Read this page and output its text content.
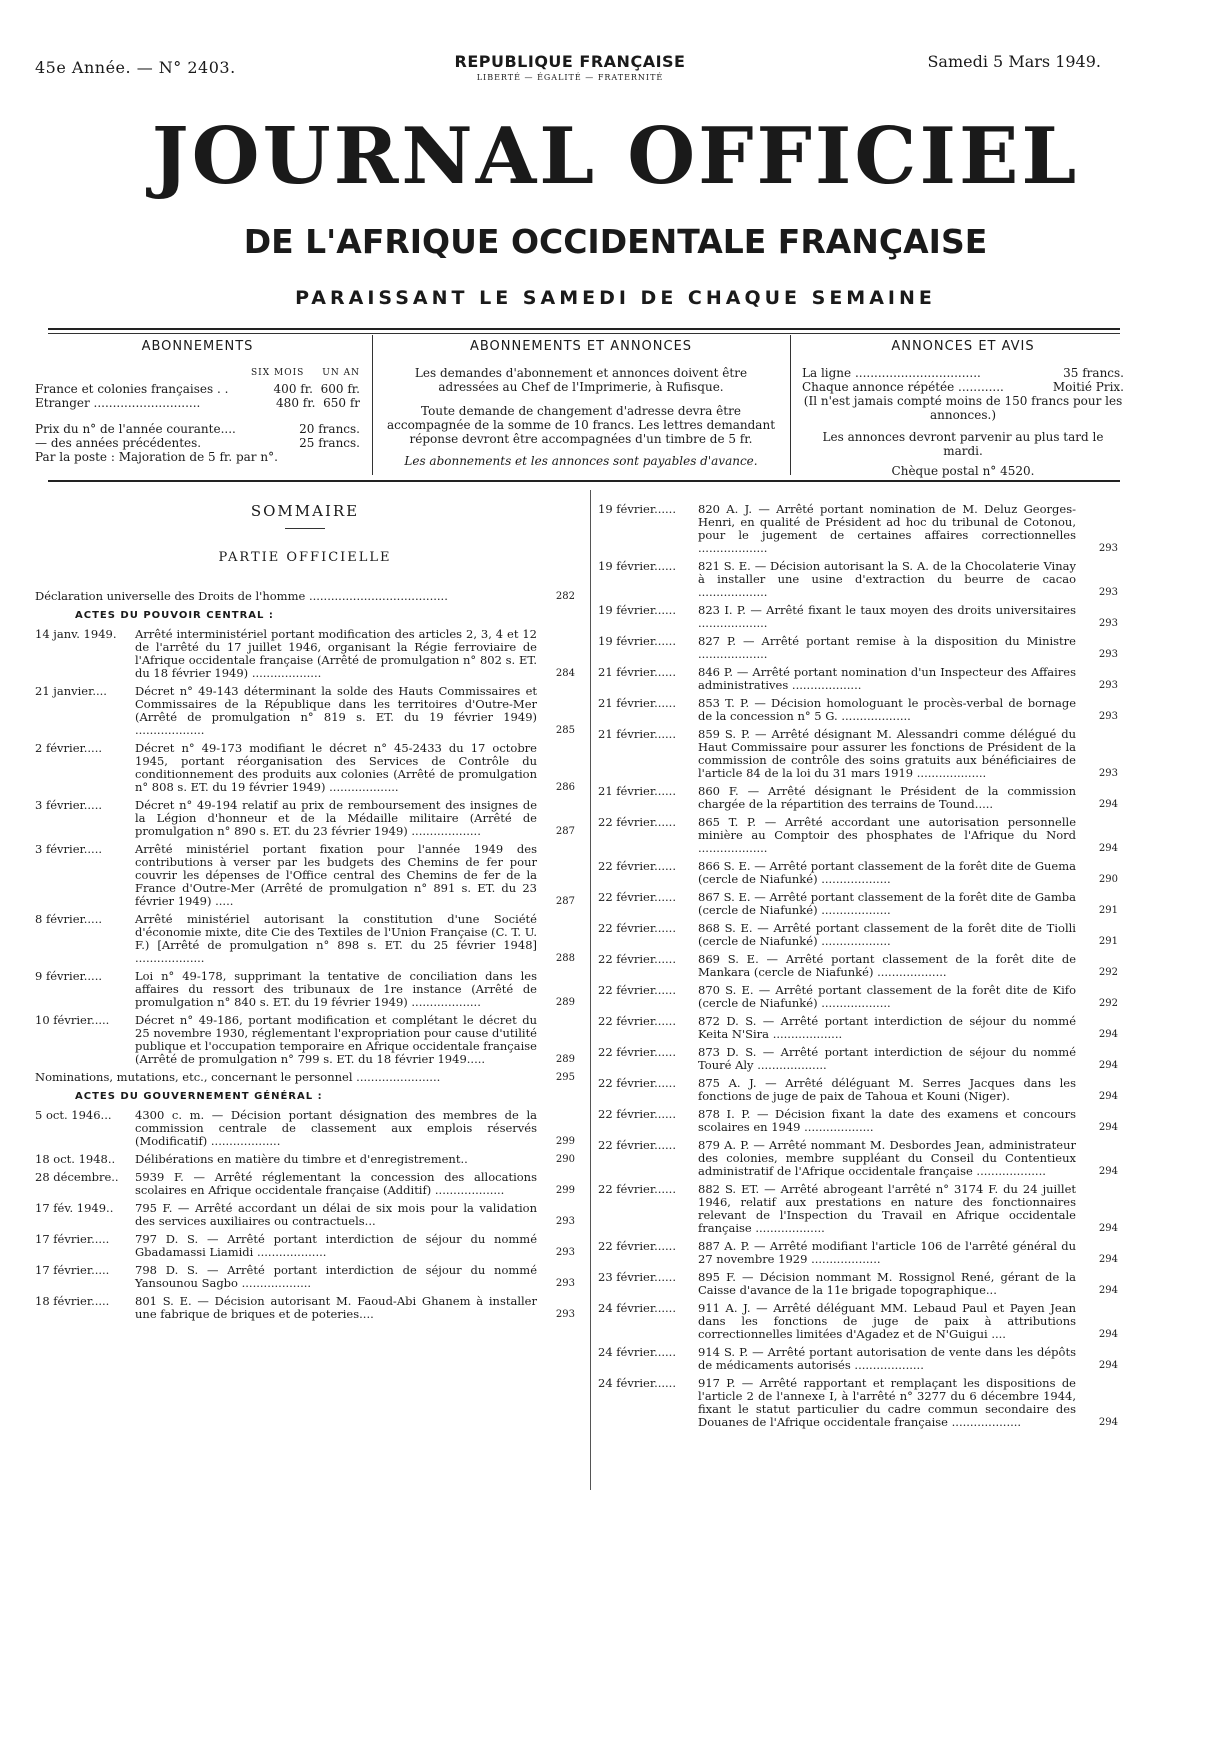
45e Année. — N° 2403.	REPUBLIQUE FRANÇAISE
LIBERTÉ — ÉGALITÉ — FRATERNITÉ
Samedi 5 Mars 1949.
JOURNAL OFFICIEL
DE L'AFRIQUE OCCIDENTALE FRANÇAISE
PARAISSANT LE SAMEDI DE CHAQUE SEMAINE
ABONNEMENTS
SIX MOIS UN AN
France et colonies françaises . .	400 fr. 600 fr.
Etranger ............................	480 fr. 650 fr
Prix du n° de l'année courante....	20 francs.
— des années précédentes.	25 francs.
Par la poste : Majoration de 5 fr. par n°.
ABONNEMENTS ET ANNONCES
Les demandes d'abonnement et annonces doivent être adressées au Chef de l'Imprimerie, à Rufisque.
Toute demande de changement d'adresse devra être accompagnée de la somme de 10 francs. Les lettres demandant réponse devront être accompagnées d'un timbre de 5 fr.
Les abonnements et les annonces sont payables d'avance.
ANNONCES ET AVIS
La ligne .................................	35 francs.
Chaque annonce répétée ............	Moitié Prix.
(Il n'est jamais compté moins de 150 francs pour les annonces.)
Les annonces devront parvenir au plus tard le mardi.
Chèque postal n° 4520.
SOMMAIRE
PARTIE OFFICIELLE
Déclaration universelle des Droits de l'homme ......................................	282
ACTES DU POUVOIR CENTRAL :
14 janv. 1949.	Arrêté interministériel portant modification des articles 2, 3, 4 et 12 de l'arrêté du 17 juillet 1946, organisant la Régie ferroviaire de l'Afrique occidentale française (Arrêté de promulgation n° 802 s. ET. du 18 février 1949) ...................	284
21 janvier....	Décret n° 49-143 déterminant la solde des Hauts Commissaires et Commissaires de la République dans les territoires d'Outre-Mer (Arrêté de promulgation n° 819 s. ET. du 19 février 1949) ...................	285
2 février.....	Décret n° 49-173 modifiant le décret n° 45-2433 du 17 octobre 1945, portant réorganisation des Services de Contrôle du conditionnement des produits aux colonies (Arrêté de promulgation n° 808 s. ET. du 19 février 1949) ...................	286
3 février.....	Décret n° 49-194 relatif au prix de remboursement des insignes de la Légion d'honneur et de la Médaille militaire (Arrêté de promulgation n° 890 s. ET. du 23 février 1949) ...................	287
3 février.....	Arrêté ministériel portant fixation pour l'année 1949 des contributions à verser par les budgets des Chemins de fer pour couvrir les dépenses de l'Office central des Chemins de fer de la France d'Outre-Mer (Arrêté de promulgation n° 891 s. ET. du 23 février 1949) .....	287
8 février.....	Arrêté ministériel autorisant la constitution d'une Société d'économie mixte, dite Cie des Textiles de l'Union Française (C. T. U. F.) [Arrêté de promulgation n° 898 s. ET. du 25 février 1948] ...................	288
9 février.....	Loi n° 49-178, supprimant la tentative de conciliation dans les affaires du ressort des tribunaux de 1re instance (Arrêté de promulgation n° 840 s. ET. du 19 février 1949) ...................	289
10 février.....	Décret n° 49-186, portant modification et complétant le décret du 25 novembre 1930, réglementant l'expropriation pour cause d'utilité publique et l'occupation temporaire en Afrique occidentale française (Arrêté de promulgation n° 799 s. ET. du 18 février 1949.....	289
Nominations, mutations, etc., concernant le personnel .......................	295
ACTES DU GOUVERNEMENT GÉNÉRAL :
5 oct. 1946...	4300 c. m. — Décision portant désignation des membres de la commission centrale de classement aux emplois réservés (Modificatif) ...................	299
18 oct. 1948..	Délibérations en matière du timbre et d'enregistrement..	290
28 décembre..	5939 F. — Arrêté réglementant la concession des allocations scolaires en Afrique occidentale française (Additif) ...................	299
17 fév. 1949..	795 F. — Arrêté accordant un délai de six mois pour la validation des services auxiliaires ou contractuels...	293
17 février.....	797 D. S. — Arrêté portant interdiction de séjour du nommé Gbadamassi Liamidi ...................	293
17 février.....	798 D. S. — Arrêté portant interdiction de séjour du nommé Yansounou Sagbo ...................	293
18 février.....	801 S. E. — Décision autorisant M. Faoud-Abi Ghanem à installer une fabrique de briques et de poteries....	293
19 février......	820 A. J. — Arrêté portant nomination de M. Deluz Georges-Henri, en qualité de Président ad hoc du tribunal de Cotonou, pour le jugement de certaines affaires correctionnelles ...................	293
19 février......	821 S. E. — Décision autorisant la S. A. de la Chocolaterie Vinay à installer une usine d'extraction du beurre de cacao ...................	293
19 février......	823 I. P. — Arrêté fixant le taux moyen des droits universitaires ...................	293
19 février......	827 P. — Arrêté portant remise à la disposition du Ministre ...................	293
21 février......	846 P. — Arrêté portant nomination d'un Inspecteur des Affaires administratives ...................	293
21 février......	853 T. P. — Décision homologuant le procès-verbal de bornage de la concession n° 5 G. ...................	293
21 février......	859 S. P. — Arrêté désignant M. Alessandri comme délégué du Haut Commissaire pour assurer les fonctions de Président de la commission de contrôle des soins gratuits aux bénéficiaires de l'article 84 de la loi du 31 mars 1919 ...................	293
21 février......	860 F. — Arrêté désignant le Président de la commission chargée de la répartition des terrains de Tound.....	294
22 février......	865 T. P. — Arrêté accordant une autorisation personnelle minière au Comptoir des phosphates de l'Afrique du Nord ...................	294
22 février......	866 S. E. — Arrêté portant classement de la forêt dite de Guema (cercle de Niafunké) ...................	290
22 février......	867 S. E. — Arrêté portant classement de la forêt dite de Gamba (cercle de Niafunké) ...................	291
22 février......	868 S. E. — Arrêté portant classement de la forêt dite de Tiolli (cercle de Niafunké) ...................	291
22 février......	869 S. E. — Arrêté portant classement de la forêt dite de Mankara (cercle de Niafunké) ...................	292
22 février......	870 S. E. — Arrêté portant classement de la forêt dite de Kifo (cercle de Niafunké) ...................	292
22 février......	872 D. S. — Arrêté portant interdiction de séjour du nommé Keita N'Sira ...................	294
22 février......	873 D. S. — Arrêté portant interdiction de séjour du nommé Touré Aly ...................	294
22 février......	875 A. J. — Arrêté déléguant M. Serres Jacques dans les fonctions de juge de paix de Tahoua et Kouni (Niger).	294
22 février......	878 I. P. — Décision fixant la date des examens et concours scolaires en 1949 ...................	294
22 février......	879 A. P. — Arrêté nommant M. Desbordes Jean, administrateur des colonies, membre suppléant du Conseil du Contentieux administratif de l'Afrique occidentale française ...................	294
22 février......	882 S. ET. — Arrêté abrogeant l'arrêté n° 3174 F. du 24 juillet 1946, relatif aux prestations en nature des fonctionnaires relevant de l'Inspection du Travail en Afrique occidentale française ...................	294
22 février......	887 A. P. — Arrêté modifiant l'article 106 de l'arrêté général du 27 novembre 1929 ...................	294
23 février......	895 F. — Décision nommant M. Rossignol René, gérant de la Caisse d'avance de la 11e brigade topographique...	294
24 février......	911 A. J. — Arrêté déléguant MM. Lebaud Paul et Payen Jean dans les fonctions de juge de paix à attributions correctionnelles limitées d'Agadez et de N'Guigui ....	294
24 février......	914 S. P. — Arrêté portant autorisation de vente dans les dépôts de médicaments autorisés ...................	294
24 février......	917 P. — Arrêté rapportant et remplaçant les dispositions de l'article 2 de l'annexe I, à l'arrêté n° 3277 du 6 décembre 1944, fixant le statut particulier du cadre commun secondaire des Douanes de l'Afrique occidentale française ...................	294
